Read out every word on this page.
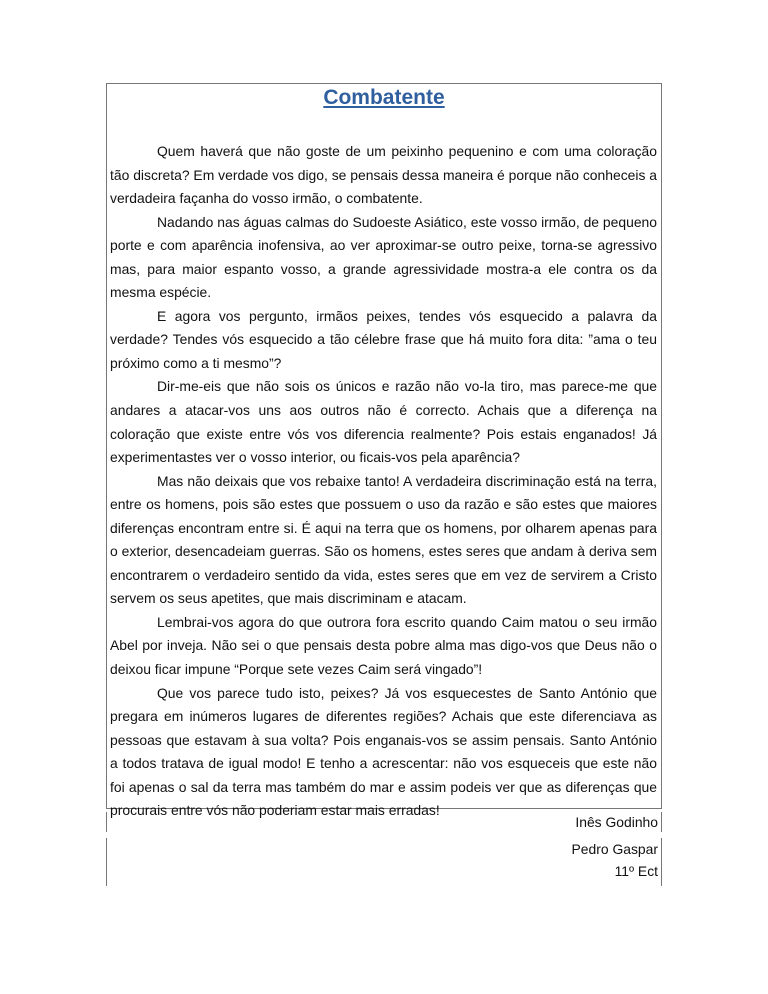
Combatente

Quem haverá que não goste de um peixinho pequenino e com uma coloração tão discreta? Em verdade vos digo, se pensais dessa maneira é porque não conheceis a verdadeira façanha do vosso irmão, o combatente.

Nadando nas águas calmas do Sudoeste Asiático, este vosso irmão, de pequeno porte e com aparência inofensiva, ao ver aproximar-se outro peixe, torna-se agressivo mas, para maior espanto vosso, a grande agressividade mostra-a ele contra os da mesma espécie.

E agora vos pergunto, irmãos peixes, tendes vós esquecido a palavra da verdade? Tendes vós esquecido a tão célebre frase que há muito fora dita: ”ama o teu próximo como a ti mesmo”?

Dir-me-eis que não sois os únicos e razão não vo-la tiro, mas parece-me que andares a atacar-vos uns aos outros não é correcto. Achais que a diferença na coloração que existe entre vós vos diferencia realmente? Pois estais enganados! Já experimentastes ver o vosso interior, ou ficais-vos pela aparência?

Mas não deixais que vos rebaixe tanto! A verdadeira discriminação está na terra, entre os homens, pois são estes que possuem o uso da razão e são estes que maiores diferenças encontram entre si. É aqui na terra que os homens, por olharem apenas para o exterior, desencadeiam guerras. São os homens, estes seres que andam à deriva sem encontrarem o verdadeiro sentido da vida, estes seres que em vez de servirem a Cristo servem os seus apetites, que mais discriminam e atacam.

Lembrai-vos agora do que outrora fora escrito quando Caim matou o seu irmão Abel por inveja. Não sei o que pensais desta pobre alma mas digo-vos que Deus não o deixou ficar impune “Porque sete vezes Caim será vingado”!

Que vos parece tudo isto, peixes? Já vos esquecestes de Santo António que pregara em inúmeros lugares de diferentes regiões? Achais que este diferenciava as pessoas que estavam à sua volta? Pois enganais-vos se assim pensais. Santo António a todos tratava de igual modo! E tenho a acrescentar: não vos esqueceis que este não foi apenas o sal da terra mas também do mar e assim podeis ver que as diferenças que procurais entre vós não poderiam estar mais erradas!

Inês Godinho
Pedro Gaspar
11º Ect
